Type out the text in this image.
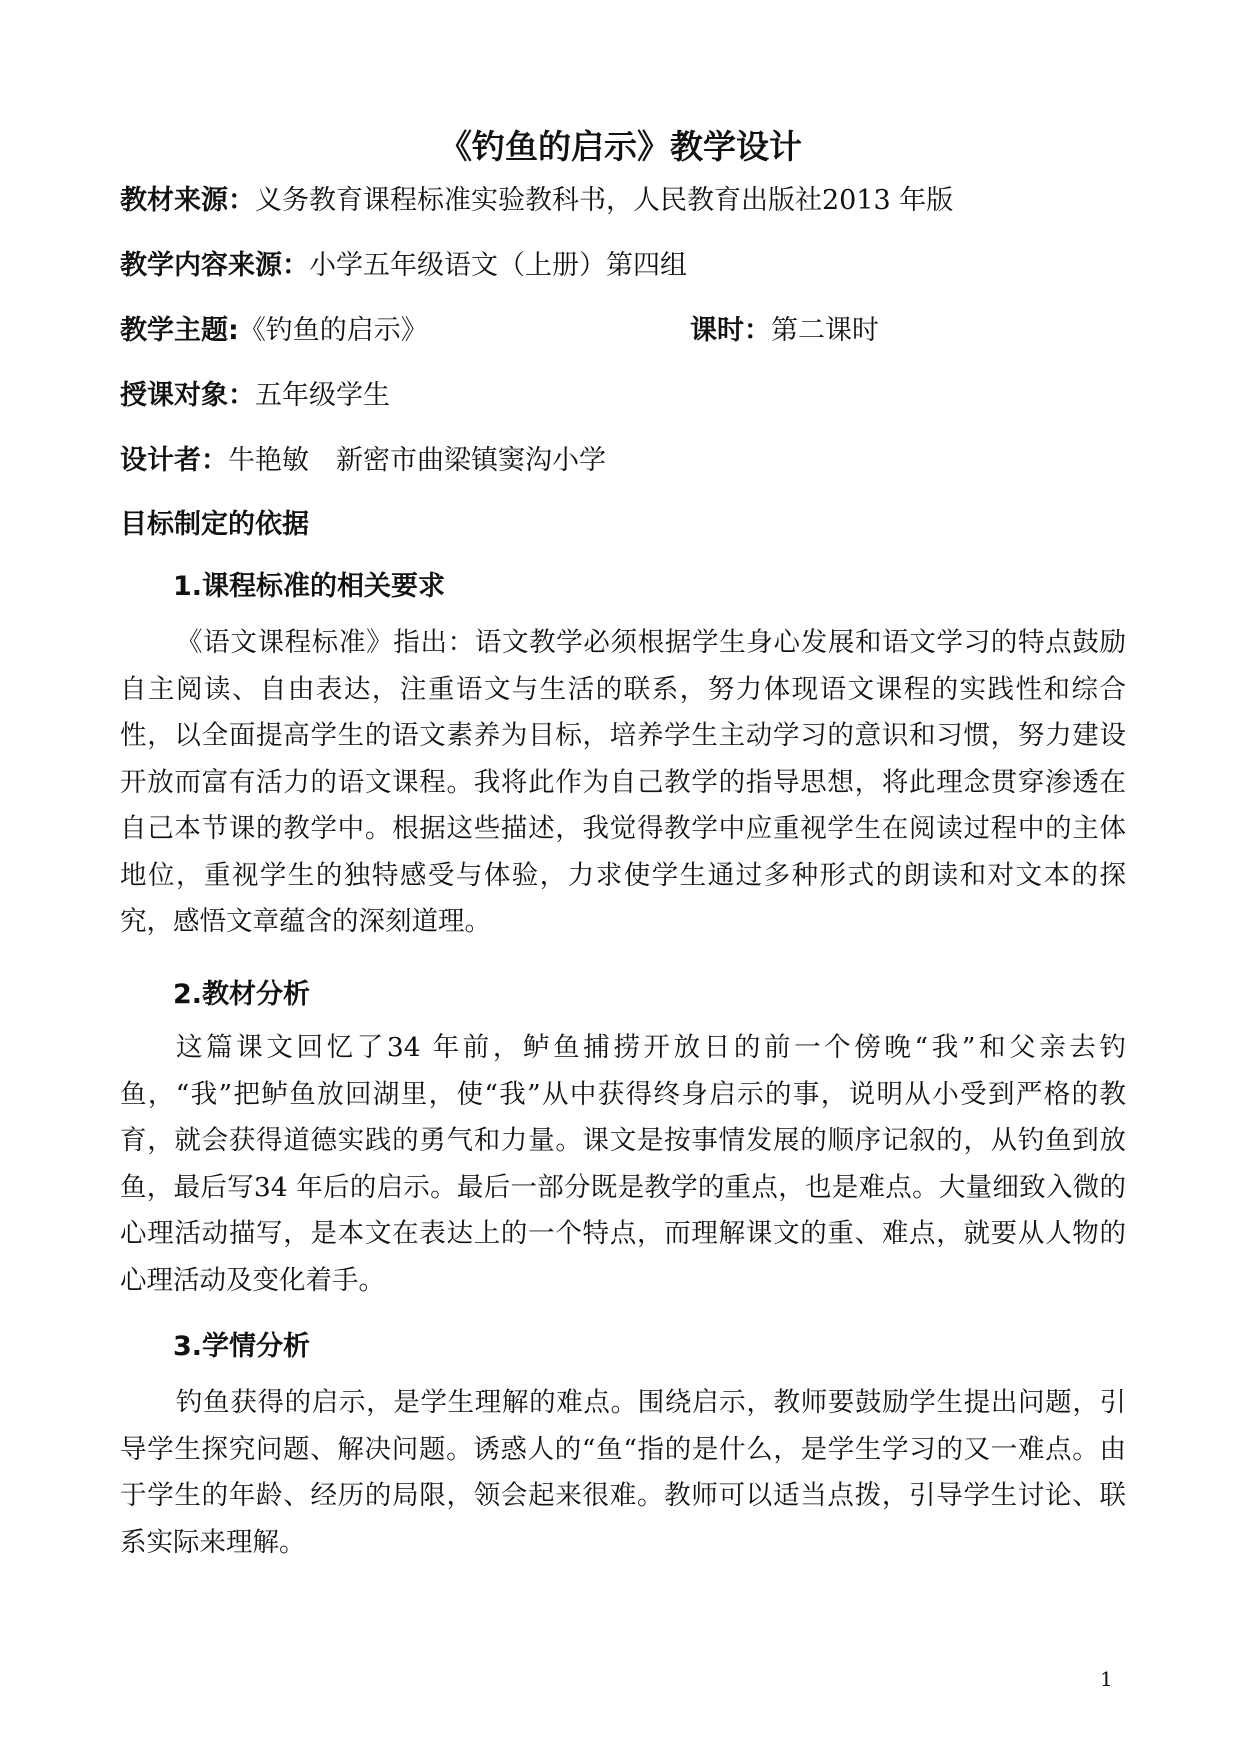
《钓鱼的启示》教学设计
教材来源：义务教育课程标准实验教科书，人民教育出版社2013 年版
教学内容来源：小学五年级语文（上册）第四组
教学主题:《钓鱼的启示》	课时：第二课时
授课对象：五年级学生
设计者：牛艳敏　新密市曲梁镇窦沟小学
目标制定的依据
1.课程标准的相关要求
《语文课程标准》指出：语文教学必须根据学生身心发展和语文学习的特点鼓励自主阅读、自由表达，注重语文与生活的联系，努力体现语文课程的实践性和综合性，以全面提高学生的语文素养为目标，培养学生主动学习的意识和习惯，努力建设开放而富有活力的语文课程。我将此作为自己教学的指导思想，将此理念贯穿渗透在自己本节课的教学中。根据这些描述，我觉得教学中应重视学生在阅读过程中的主体地位，重视学生的独特感受与体验，力求使学生通过多种形式的朗读和对文本的探究，感悟文章蕴含的深刻道理。
2.教材分析
这篇课文回忆了34 年前，鲈鱼捕捞开放日的前一个傍晚“我”和父亲去钓鱼，“我”把鲈鱼放回湖里，使“我”从中获得终身启示的事，说明从小受到严格的教育，就会获得道德实践的勇气和力量。课文是按事情发展的顺序记叙的，从钓鱼到放鱼，最后写34 年后的启示。最后一部分既是教学的重点，也是难点。大量细致入微的心理活动描写，是本文在表达上的一个特点，而理解课文的重、难点，就要从人物的心理活动及变化着手。
3.学情分析
钓鱼获得的启示，是学生理解的难点。围绕启示，教师要鼓励学生提出问题，引导学生探究问题、解决问题。诱惑人的“鱼“指的是什么，是学生学习的又一难点。由于学生的年龄、经历的局限，领会起来很难。教师可以适当点拨，引导学生讨论、联系实际来理解。
1
